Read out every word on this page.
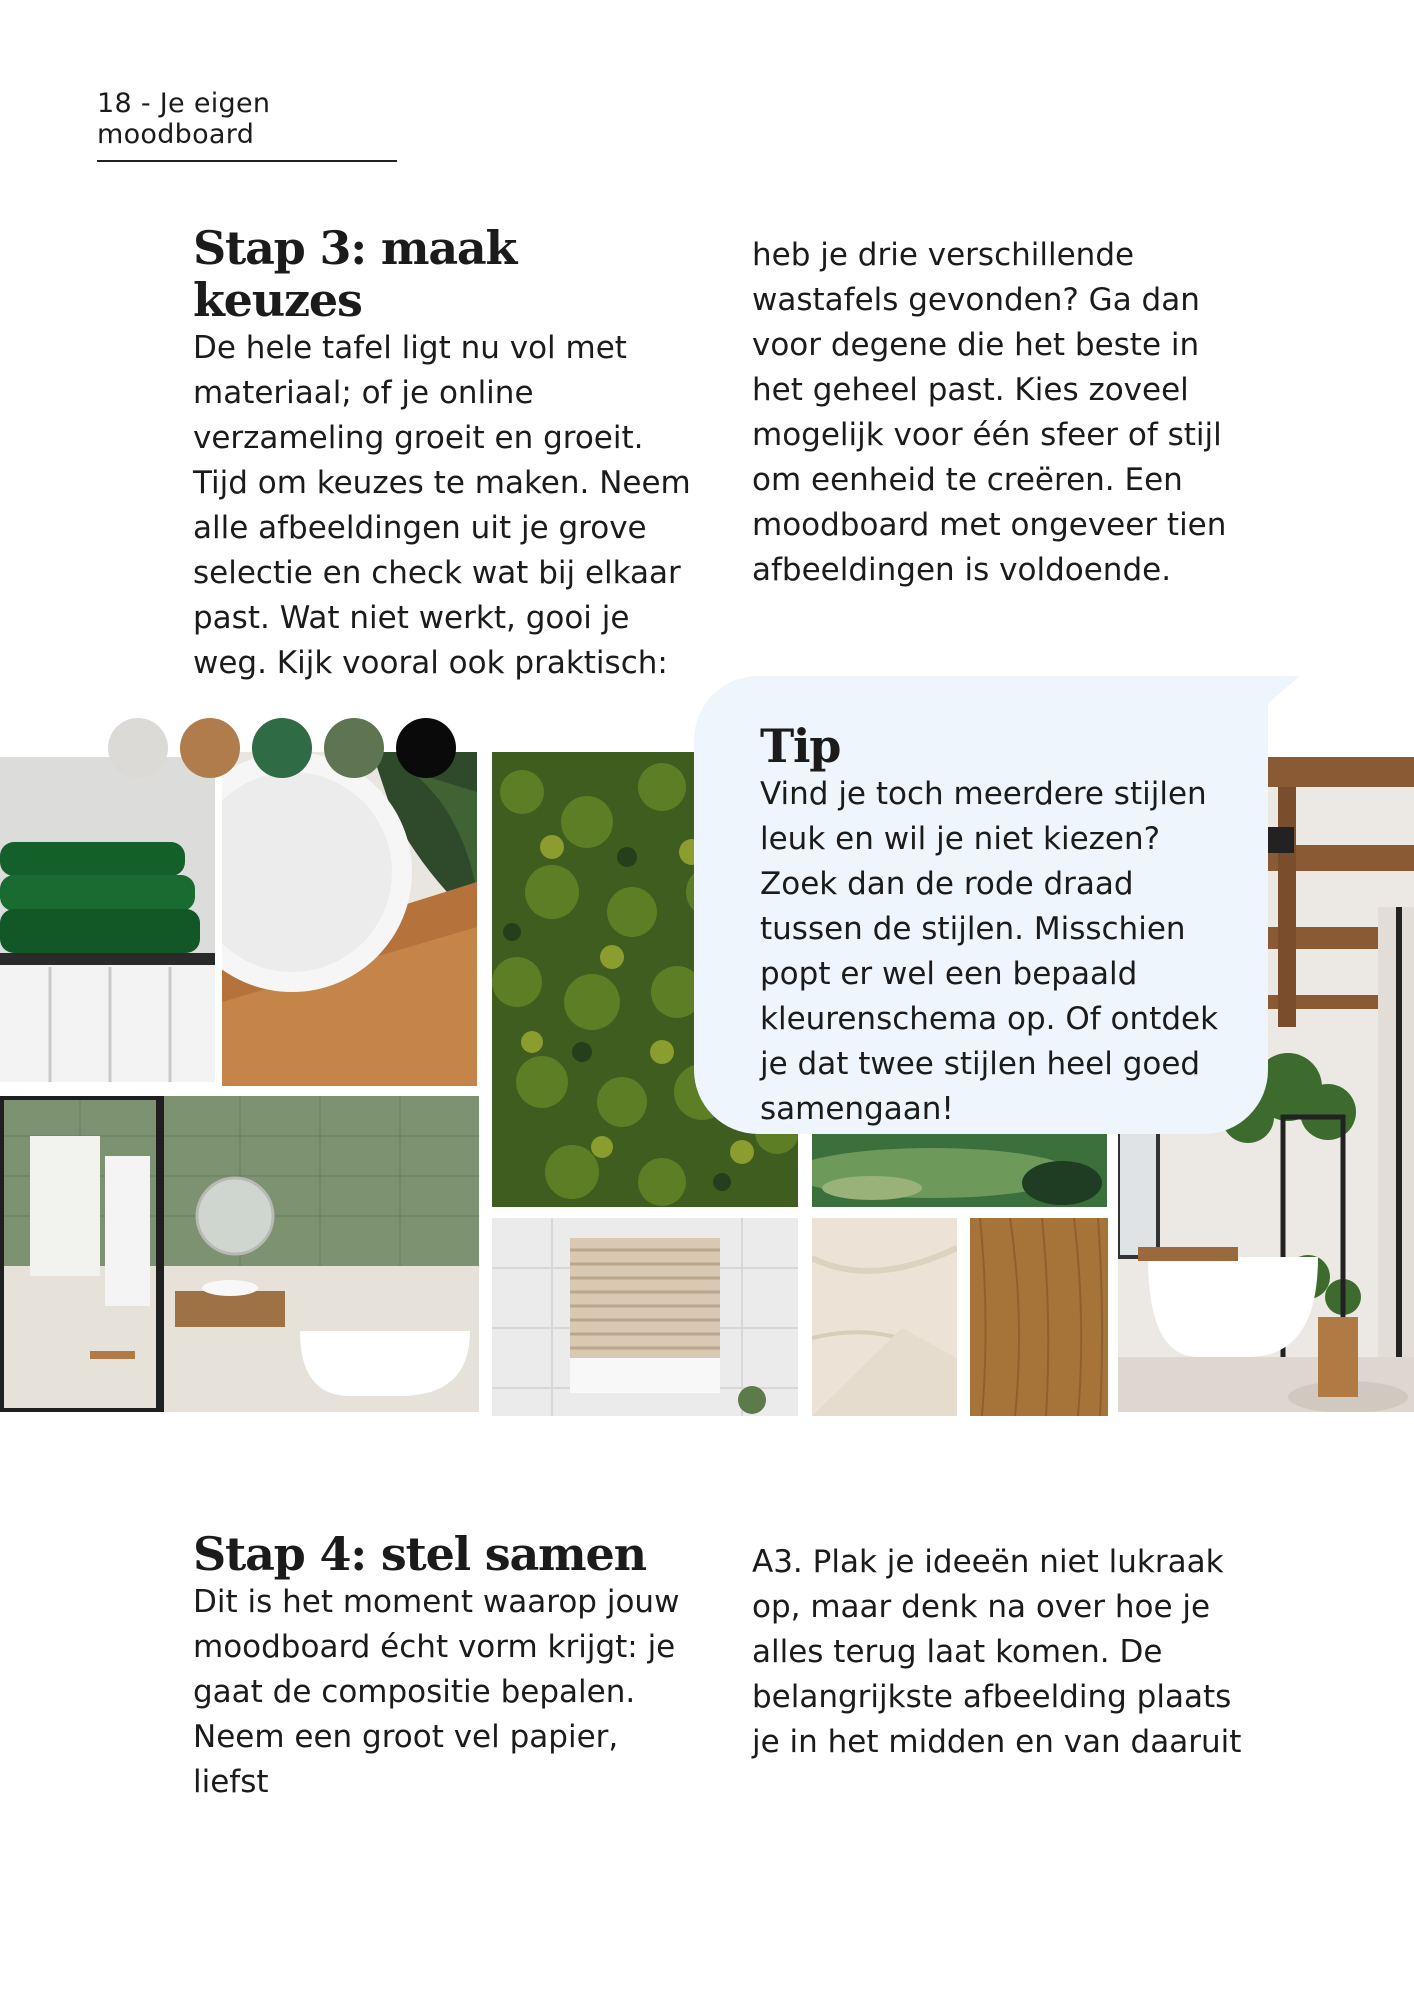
18 - Je eigen moodboard
Stap 3: maak keuzes

De hele tafel ligt nu vol met materiaal; of je online verzameling groeit en groeit. Tijd om keuzes te maken. Neem alle afbeeldingen uit je grove selectie en check wat bij elkaar past. Wat niet werkt, gooi je weg. Kijk vooral ook praktisch:

heb je drie verschillende wastafels gevonden? Ga dan voor degene die het beste in het geheel past. Kies zoveel mogelijk voor één sfeer of stijl om eenheid te creëren. Een moodboard met ongeveer tien afbeeldingen is voldoende.

Tip

Vind je toch meerdere stijlen leuk en wil je niet kiezen? Zoek dan de rode draad tussen de stijlen. Misschien popt er wel een bepaald kleurenschema op. Of ontdek je dat twee stijlen heel goed samengaan!

Stap 4: stel samen

Dit is het moment waarop jouw moodboard écht vorm krijgt: je gaat de compositie bepalen. Neem een groot vel papier, liefst

A3. Plak je ideeën niet lukraak op, maar denk na over hoe je alles terug laat komen. De belangrijkste afbeelding plaats je in het midden en van daaruit
